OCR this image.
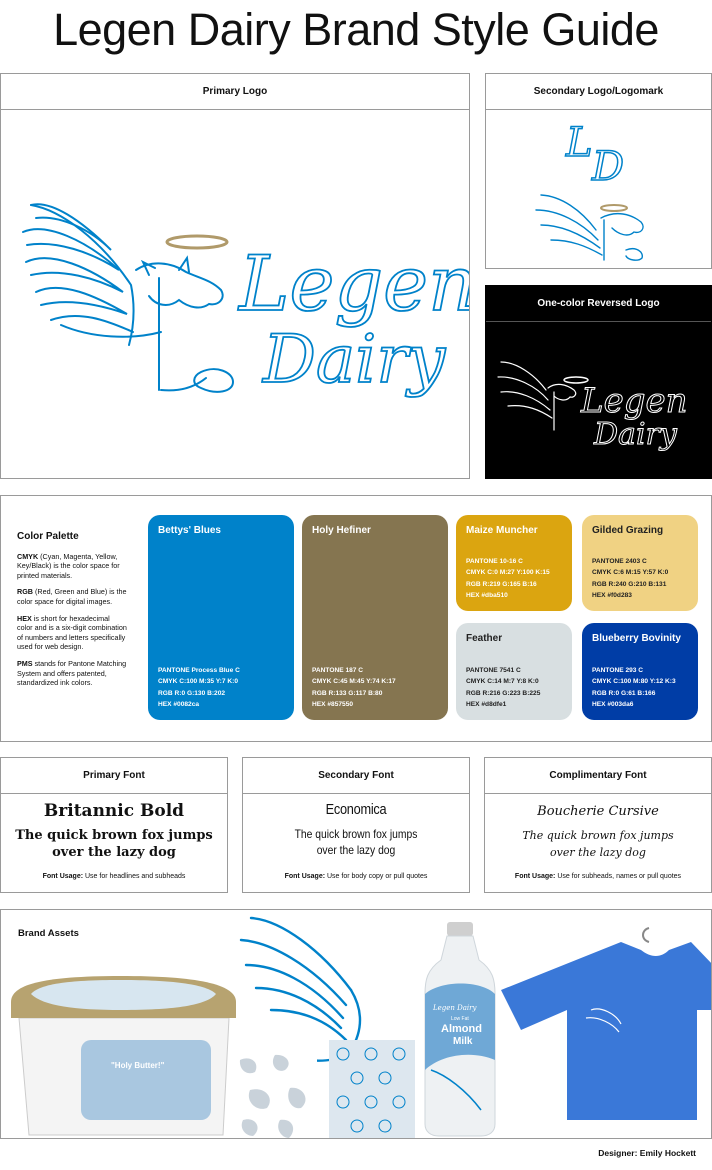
Legen Dairy Brand Style Guide
Primary Logo
Legen
Dairy
Secondary Logo/Logomark
L
D
One-color Reversed Logo
Legen
Dairy
Color Palette

CMYK (Cyan, Magenta, Yellow, Key/Black) is the color space for printed materials.

RGB (Red, Green and Blue) is the color space for digital images.

HEX is short for hexadecimal color and is a six-digit combination of numbers and letters specifically used for web design.

PMS stands for Pantone Matching System and offers patented, standardized ink colors.

Bettys' Blues
PANTONE Process Blue C
CMYK C:100 M:35 Y:7 K:0
RGB R:0 G:130 B:202
HEX #0082ca
Holy Hefiner
PANTONE 187 C
CMYK C:45 M:45 Y:74 K:17
RGB R:133 G:117 B:80
HEX #857550
Maize Muncher
PANTONE 10-16 C
CMYK C:0 M:27 Y:100 K:15
RGB R:219 G:165 B:16
HEX #dba510
Gilded Grazing
PANTONE 2403 C
CMYK C:6 M:15 Y:57 K:0
RGB R:240 G:210 B:131
HEX #f0d283
Feather
PANTONE 7541 C
CMYK C:14 M:7 Y:8 K:0
RGB R:216 G:223 B:225
HEX #d8dfe1
Blueberry Bovinity
PANTONE 293 C
CMYK C:100 M:80 Y:12 K:3
RGB R:0 G:61 B:166
HEX #003da6
Primary Font
Britannic Bold
The quick brown fox jumps
over the lazy dog
Font Usage: Use for headlines and subheads
Secondary Font
Economica
The quick brown fox jumps
over the lazy dog
Font Usage: Use for body copy or pull quotes
Complimentary Font
Boucherie Cursive
The quick brown fox jumps
over the lazy dog
Font Usage: Use for subheads, names or pull quotes
"Holy Butter!"
Legen Dairy
Low Fat
Almond
Milk
Brand Assets
Designer: Emily Hockett
